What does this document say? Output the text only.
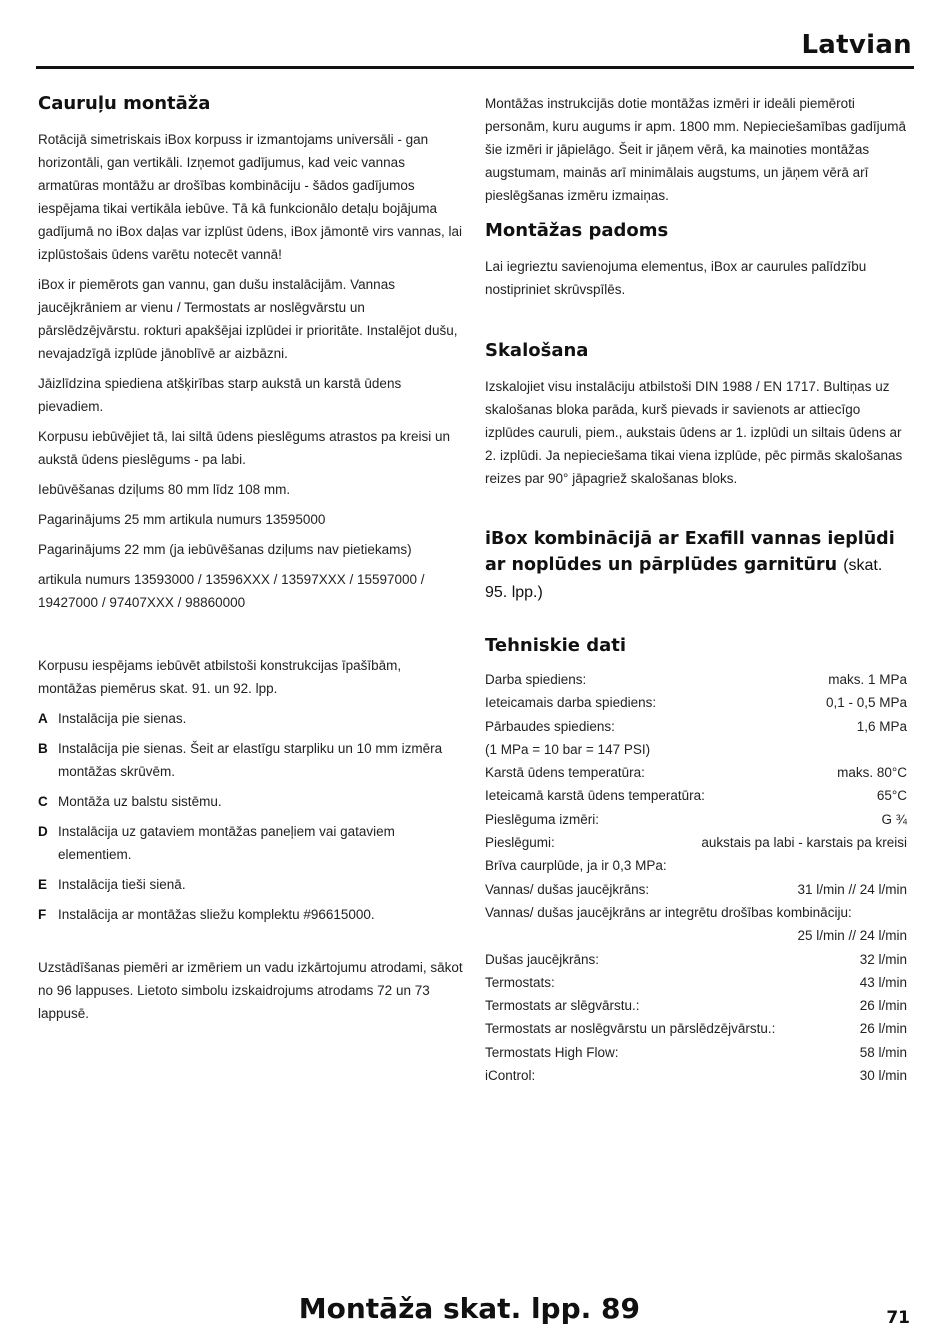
Latvian
Cauruļu montāža

Rotācijā simetriskais iBox korpuss ir izmantojams universāli - gan horizontāli, gan vertikāli. Izņemot gadījumus, kad veic vannas armatūras montāžu ar drošības kombināciju - šādos gadījumos iespējama tikai vertikāla iebūve. Tā kā funkcionālo detaļu bojājuma gadījumā no iBox daļas var izplūst ūdens, iBox jāmontē virs vannas, lai izplūstošais ūdens varētu notecēt vannā!

iBox ir piemērots gan vannu, gan dušu instalācijām. Vannas jaucējkrāniem ar vienu / Termostats ar noslēgvārstu un pārslēdzējvārstu. rokturi apakšējai izplūdei ir prioritāte. Instalējot dušu, nevajadzīgā izplūde jānoblīvē ar aizbāzni.

Jāizlīdzina spiediena atšķirības starp aukstā un karstā ūdens pievadiem.

Korpusu iebūvējiet tā, lai siltā ūdens pieslēgums atrastos pa kreisi un aukstā ūdens pieslēgums - pa labi.

Iebūvēšanas dziļums 80 mm līdz 108 mm.

Pagarinājums 25 mm artikula numurs 13595000

Pagarinājums 22 mm (ja iebūvēšanas dziļums nav pietiekams)

artikula numurs 13593000 / 13596XXX / 13597XXX / 15597000 / 19427000 / 97407XXX / 98860000

Korpusu iespējams iebūvēt atbilstoši konstrukcijas īpašībām, montāžas piemērus skat. 91. un 92. lpp.

A Instalācija pie sienas.
B Instalācija pie sienas. Šeit ar elastīgu starpliku un 10 mm izmēra montāžas skrūvēm.
C Montāža uz balstu sistēmu.
D Instalācija uz gataviem montāžas paneļiem vai gataviem elementiem.
E Instalācija tieši sienā.
F Instalācija ar montāžas sliežu komplektu #96615000.

Uzstādīšanas piemēri ar izmēriem un vadu izkārtojumu atrodami, sākot no 96 lappuses. Lietoto simbolu izskaidrojums atrodams 72 un 73 lappusē.

Montāžas instrukcijās dotie montāžas izmēri ir ideāli piemēroti personām, kuru augums ir apm. 1800 mm. Nepieciešamības gadījumā šie izmēri ir jāpielāgo. Šeit ir jāņem vērā, ka mainoties montāžas augstumam, mainās arī minimālais augstums, un jāņem vērā arī pieslēgšanas izmēru izmaiņas.

Montāžas padoms

Lai iegrieztu savienojuma elementus, iBox ar caurules palīdzību nostipriniet skrūvspīlēs.

Skalošana

Izskalojiet visu instalāciju atbilstoši DIN 1988 / EN 1717. Bultiņas uz skalošanas bloka parāda, kurš pievads ir savienots ar attiecīgo izplūdes cauruli, piem., aukstais ūdens ar 1. izplūdi un siltais ūdens ar 2. izplūdi. Ja nepieciešama tikai viena izplūde, pēc pirmās skalošanas reizes par 90° jāpagriež skalošanas bloks.

iBox kombinācijā ar Exafill vannas ieplūdi ar noplūdes un pārplūdes garnitūru (skat. 95. lpp.)
Tehniskie dati
Darba spiediens:	maks. 1 MPa
Ieteicamais darba spiediens:	0,1 - 0,5 MPa
Pārbaudes spiediens:	1,6 MPa
(1 MPa = 10 bar = 147 PSI)
Karstā ūdens temperatūra:	maks. 80°C
Ieteicamā karstā ūdens temperatūra:	65°C
Pieslēguma izmēri:	G ¾
Pieslēgumi:	aukstais pa labi - karstais pa kreisi
Brīva caurplūde, ja ir 0,3 MPa:
Vannas/ dušas jaucējkrāns:	31 l/min // 24 l/min
Vannas/ dušas jaucējkrāns ar integrētu drošības kombināciju:
25 l/min // 24 l/min
Dušas jaucējkrāns:	32 l/min
Termostats:	43 l/min
Termostats ar slēgvārstu.:	26 l/min
Termostats ar noslēgvārstu un pārslēdzējvārstu.:	26 l/min
Termostats High Flow:	58 l/min
iControl:	30 l/min
Montāža skat. lpp. 89	71
